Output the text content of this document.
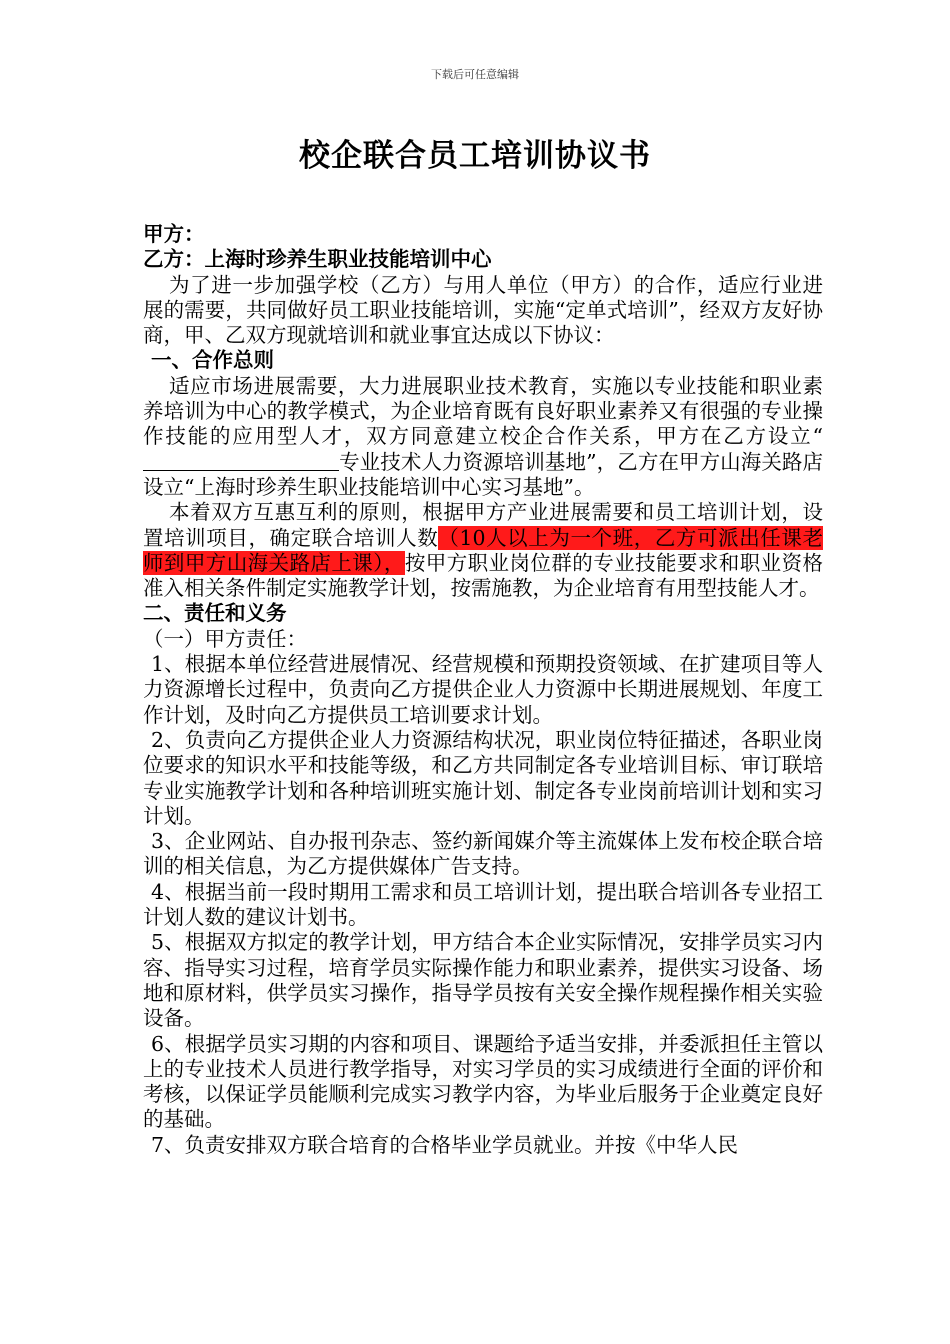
下载后可任意编辑
校企联合员工培训协议书

甲方：

乙方：上海时珍养生职业技能培训中心

为了进一步加强学校（乙方）与用人单位（甲方）的合作，适应行业进展的需要，共同做好员工职业技能培训，实施“定单式培训”，经双方友好协商，甲、乙双方现就培训和就业事宜达成以下协议：

一、合作总则

适应市场进展需要，大力进展职业技术教育，实施以专业技能和职业素养培训为中心的教学模式，为企业培育既有良好职业素养又有很强的专业操作技能的应用型人才，双方同意建立校企合作关系，甲方在乙方设立“专业技术人力资源培训基地”，乙方在甲方山海关路店设立“上海时珍养生职业技能培训中心实习基地”。

本着双方互惠互利的原则，根据甲方产业进展需要和员工培训计划，设置培训项目，确定联合培训人数（10人以上为一个班，乙方可派出任课老师到甲方山海关路店上课），按甲方职业岗位群的专业技能要求和职业资格准入相关条件制定实施教学计划，按需施教，为企业培育有用型技能人才。

二、责任和义务

（一）甲方责任：

1、根据本单位经营进展情况、经营规模和预期投资领域、在扩建项目等人力资源增长过程中，负责向乙方提供企业人力资源中长期进展规划、年度工作计划，及时向乙方提供员工培训要求计划。

2、负责向乙方提供企业人力资源结构状况，职业岗位特征描述，各职业岗位要求的知识水平和技能等级，和乙方共同制定各专业培训目标、审订联培专业实施教学计划和各种培训班实施计划、制定各专业岗前培训计划和实习计划。

3、企业网站、自办报刊杂志、签约新闻媒介等主流媒体上发布校企联合培训的相关信息，为乙方提供媒体广告支持。

4、根据当前一段时期用工需求和员工培训计划，提出联合培训各专业招工计划人数的建议计划书。

5、根据双方拟定的教学计划，甲方结合本企业实际情况，安排学员实习内容、指导实习过程，培育学员实际操作能力和职业素养，提供实习设备、场地和原材料，供学员实习操作，指导学员按有关安全操作规程操作相关实验设备。

6、根据学员实习期的内容和项目、课题给予适当安排，并委派担任主管以上的专业技术人员进行教学指导，对实习学员的实习成绩进行全面的评价和考核，以保证学员能顺利完成实习教学内容，为毕业后服务于企业奠定良好的基础。

7、负责安排双方联合培育的合格毕业学员就业。并按《中华人民
